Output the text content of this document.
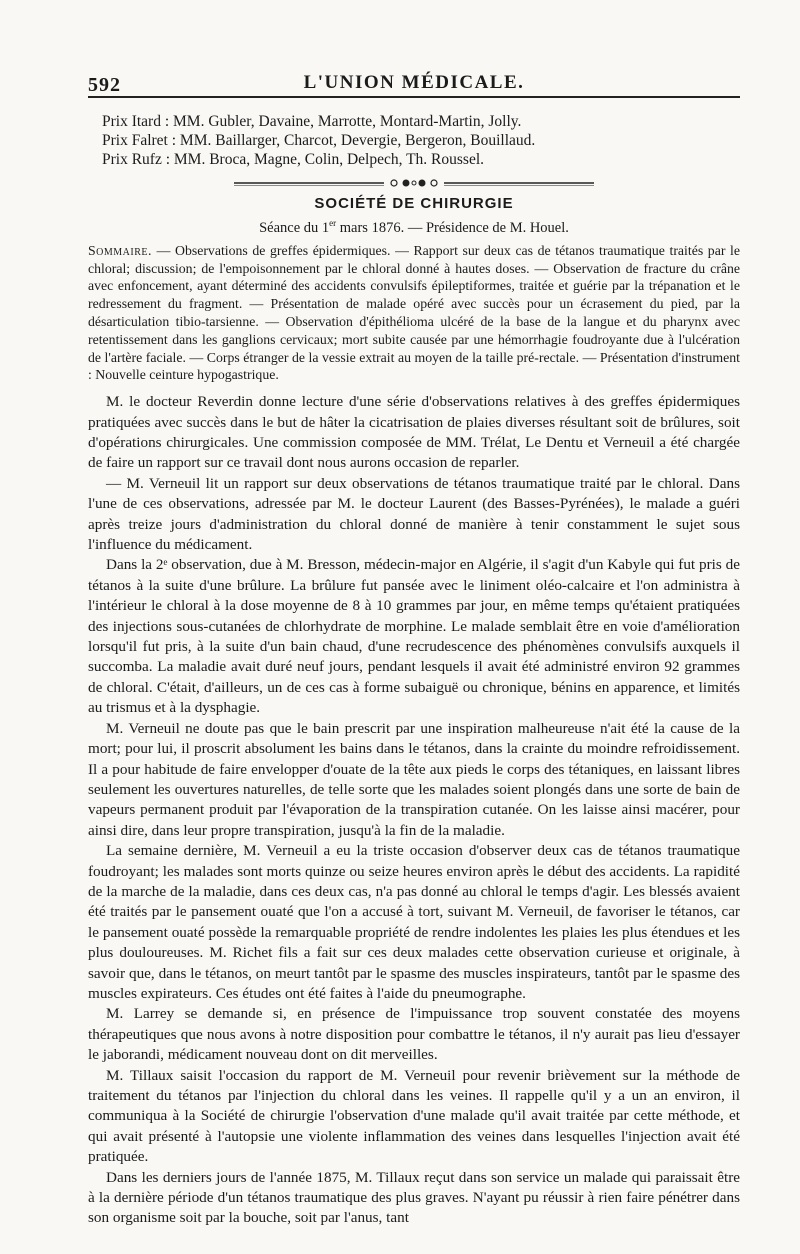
592	L'UNION MÉDICALE.
Prix Itard : MM. Gubler, Davaine, Marrotte, Montard-Martin, Jolly.
Prix Falret : MM. Baillarger, Charcot, Devergie, Bergeron, Bouillaud.
Prix Rufz : MM. Broca, Magne, Colin, Delpech, Th. Roussel.
SOCIÉTÉ DE CHIRURGIE
Séance du 1er mars 1876. — Présidence de M. Houel.
Sommaire. — Observations de greffes épidermiques. — Rapport sur deux cas de tétanos traumatique traités par le chloral; discussion; de l'empoisonnement par le chloral donné à hautes doses. — Observation de fracture du crâne avec enfoncement, ayant déterminé des accidents convulsifs épileptiformes, traitée et guérie par la trépanation et le redressement du fragment. — Présentation de malade opéré avec succès pour un écrasement du pied, par la désarticulation tibio-tarsienne. — Observation d'épithélioma ulcéré de la base de la langue et du pharynx avec retentissement dans les ganglions cervicaux; mort subite causée par une hémorrhagie foudroyante due à l'ulcération de l'artère faciale. — Corps étranger de la vessie extrait au moyen de la taille pré-rectale. — Présentation d'instrument : Nouvelle ceinture hypogastrique.

M. le docteur Reverdin donne lecture d'une série d'observations relatives à des greffes épidermiques pratiquées avec succès dans le but de hâter la cicatrisation de plaies diverses résultant soit de brûlures, soit d'opérations chirurgicales. Une commission composée de MM. Trélat, Le Dentu et Verneuil a été chargée de faire un rapport sur ce travail dont nous aurons occasion de reparler.

— M. Verneuil lit un rapport sur deux observations de tétanos traumatique traité par le chloral. Dans l'une de ces observations, adressée par M. le docteur Laurent (des Basses-Pyrénées), le malade a guéri après treize jours d'administration du chloral donné de manière à tenir constamment le sujet sous l'influence du médicament.

Dans la 2ᵉ observation, due à M. Bresson, médecin-major en Algérie, il s'agit d'un Kabyle qui fut pris de tétanos à la suite d'une brûlure. La brûlure fut pansée avec le liniment oléo-calcaire et l'on administra à l'intérieur le chloral à la dose moyenne de 8 à 10 grammes par jour, en même temps qu'étaient pratiquées des injections sous-cutanées de chlorhydrate de morphine. Le malade semblait être en voie d'amélioration lorsqu'il fut pris, à la suite d'un bain chaud, d'une recrudescence des phénomènes convulsifs auxquels il succomba. La maladie avait duré neuf jours, pendant lesquels il avait été administré environ 92 grammes de chloral. C'était, d'ailleurs, un de ces cas à forme subaiguë ou chronique, bénins en apparence, et limités au trismus et à la dysphagie.

M. Verneuil ne doute pas que le bain prescrit par une inspiration malheureuse n'ait été la cause de la mort; pour lui, il proscrit absolument les bains dans le tétanos, dans la crainte du moindre refroidissement. Il a pour habitude de faire envelopper d'ouate de la tête aux pieds le corps des tétaniques, en laissant libres seulement les ouvertures naturelles, de telle sorte que les malades soient plongés dans une sorte de bain de vapeurs permanent produit par l'évaporation de la transpiration cutanée. On les laisse ainsi macérer, pour ainsi dire, dans leur propre transpiration, jusqu'à la fin de la maladie.

La semaine dernière, M. Verneuil a eu la triste occasion d'observer deux cas de tétanos traumatique foudroyant; les malades sont morts quinze ou seize heures environ après le début des accidents. La rapidité de la marche de la maladie, dans ces deux cas, n'a pas donné au chloral le temps d'agir. Les blessés avaient été traités par le pansement ouaté que l'on a accusé à tort, suivant M. Verneuil, de favoriser le tétanos, car le pansement ouaté possède la remarquable propriété de rendre indolentes les plaies les plus étendues et les plus douloureuses. M. Richet fils a fait sur ces deux malades cette observation curieuse et originale, à savoir que, dans le tétanos, on meurt tantôt par le spasme des muscles inspirateurs, tantôt par le spasme des muscles expirateurs. Ces études ont été faites à l'aide du pneumographe.

M. Larrey se demande si, en présence de l'impuissance trop souvent constatée des moyens thérapeutiques que nous avons à notre disposition pour combattre le tétanos, il n'y aurait pas lieu d'essayer le jaborandi, médicament nouveau dont on dit merveilles.

M. Tillaux saisit l'occasion du rapport de M. Verneuil pour revenir brièvement sur la méthode de traitement du tétanos par l'injection du chloral dans les veines. Il rappelle qu'il y a un an environ, il communiqua à la Société de chirurgie l'observation d'une malade qu'il avait traitée par cette méthode, et qui avait présenté à l'autopsie une violente inflammation des veines dans lesquelles l'injection avait été pratiquée.

Dans les derniers jours de l'année 1875, M. Tillaux reçut dans son service un malade qui paraissait être à la dernière période d'un tétanos traumatique des plus graves. N'ayant pu réussir à rien faire pénétrer dans son organisme soit par la bouche, soit par l'anus, tant
